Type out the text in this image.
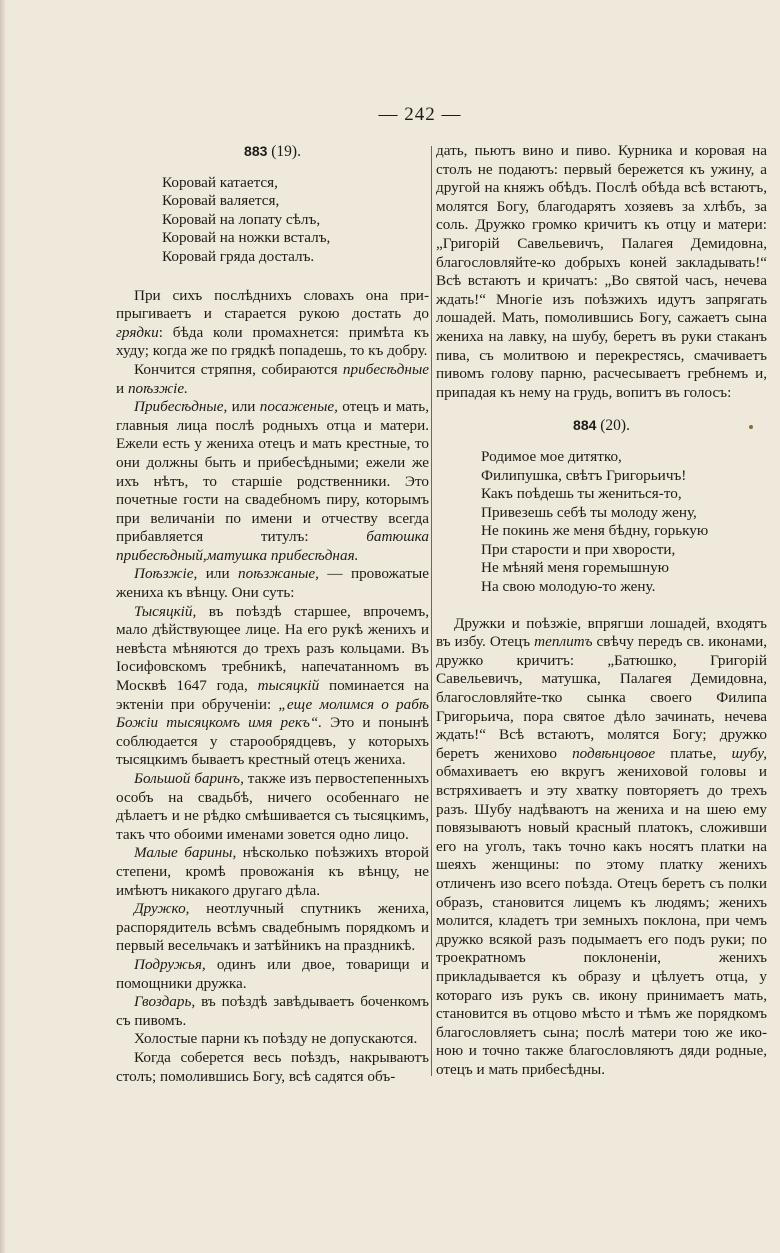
— 242 —

883 (19).

Коровай катается,
Коровай валяется,
Коровай на лопату сѣлъ,
Коровай на ножки всталъ,
Коровай гряда досталъ.

При сихъ послѣднихъ словахъ она припрыгиваетъ и старается рукою достать до грядки: бѣда коли промахнется: примѣта къ худу; когда же по грядкѣ попадешь, то къ добру.

Кончится стряпня, собираются прибесѣдные и поѣзжіе.

Прибесѣдные, или посаженые, отецъ и мать, главныя лица послѣ родныхъ отца и матери. Ежели есть у жениха отецъ и мать крестные, то они должны быть и прибесѣдными; ежели же ихъ нѣтъ, то старшіе родственники. Это почетные гости на свадебномъ пиру, которымъ при величаніи по имени и отчеству всегда прибавляется титулъ: батюшка прибесѣдный,матушка прибесѣдная.

Поѣзжіе, или поѣзжаные, — провожатые жениха къ вѣнцу. Они суть:

Тысяцкій, въ поѣздѣ старшее, впрочемъ, мало дѣйствующее лице. На его рукѣ женихъ и невѣста мѣняются до трехъ разъ кольцами. Въ Іосифовскомъ требникѣ, напечатанномъ въ Москвѣ 1647 года, тысяцкій поминается на эктеніи при обрученіи: „еще молимся о рабѣ Божіи тысяцкомъ имя рекъ“. Это и понынѣ соблюдается у старообрядцевъ, у которыхъ тысяцкимъ бываетъ крестный отецъ жениха.

Большой баринъ, также изъ первостепенныхъ особъ на свадьбѣ, ничего особеннаго не дѣлаетъ и не рѣдко смѣшивается съ тысяцкимъ, такъ что обоими именами зовется одно лицо.

Малые барины, нѣсколько поѣзжихъ второй степени, кромѣ провожанія къ вѣнцу, не имѣютъ никакого другаго дѣла.

Дружко, неотлучный спутникъ жениха, распорядитель всѣмъ свадебнымъ порядкомъ и первый весельчакъ и затѣйникъ на праздникѣ.

Подружья, одинъ или двое, товарищи и помощники дружка.

Гвоздарь, въ поѣздѣ завѣдываетъ боченкомъ съ пивомъ.

Холостые парни къ поѣзду не допускаются.

Когда соберется весь поѣздъ, накрываютъ столъ; помолившись Богу, всѣ садятся объ-

дать, пьютъ вино и пиво. Курника и коровая на столъ не подаютъ: первый бережется къ ужину, а другой на княжъ обѣдъ. Послѣ обѣда всѣ встаютъ, молятся Богу, благодарятъ хозяевъ за хлѣбъ, за соль. Дружко громко кричитъ къ отцу и матери: „Григорій Савельевичъ, Палагея Демидовна, благословляйте-ко добрыхъ коней закладывать!“ Всѣ встаютъ и кричатъ: „Во святой часъ, нечева ждать!“ Многіе изъ поѣзжихъ идутъ запрягать лошадей. Мать, помолившись Богу, сажаетъ сына жениха на лавку, на шубу, беретъ въ руки стаканъ пива, съ молитвою и перекрестясь, смачиваетъ пивомъ голову парню, расчесываетъ гребнемъ и, припадая къ нему на грудь, вопитъ въ голосъ:

884 (20).

Родимое мое дитятко,
Филипушка, свѣтъ Григорьичъ!
Какъ поѣдешь ты жениться-то,
Привезешь себѣ ты молоду жену,
Не покинь же меня бѣдну, горькую
При старости и при хворости,
Не мѣняй меня горемышную
На свою молодую-то жену.

Дружки и поѣзжіе, впрягши лошадей, входятъ въ избу. Отецъ теплитъ свѣчу передъ св. иконами, дружко кричитъ: „Батюшко, Григорій Савельевичъ, матушка, Палагея Демидовна, благословляйте-тко сынка своего Филипа Григорьича, пора святое дѣло зачинать, нечева ждать!“ Всѣ встаютъ, молятся Богу; дружко беретъ жениховo подвѣнцовое платье, шубу, обмахиваетъ ею вкругъ жениховой головы и встряхиваетъ и эту хватку повторяетъ до трехъ разъ. Шубу надѣваютъ на жениха и на шею ему повязываютъ новый красный платокъ, сложивши его на уголъ, такъ точно какъ носятъ платки на шеяхъ женщины: по этому платку женихъ отличенъ изо всего поѣзда. Отецъ беретъ съ полки образъ, становится лицемъ къ людямъ; женихъ молится, кладетъ три земныхъ поклона, при чемъ дружко всякой разъ подымаетъ его подъ руки; по троекратномъ поклоненіи, женихъ прикладывается къ образу и цѣлуетъ отца, у котораго изъ рукъ св. икону принимаетъ мать, становится въ отцово мѣсто и тѣмъ же порядкомъ благословляетъ сына; послѣ матери тою же иконою и точно также благословляютъ дяди родные, отецъ и мать прибесѣдны.
